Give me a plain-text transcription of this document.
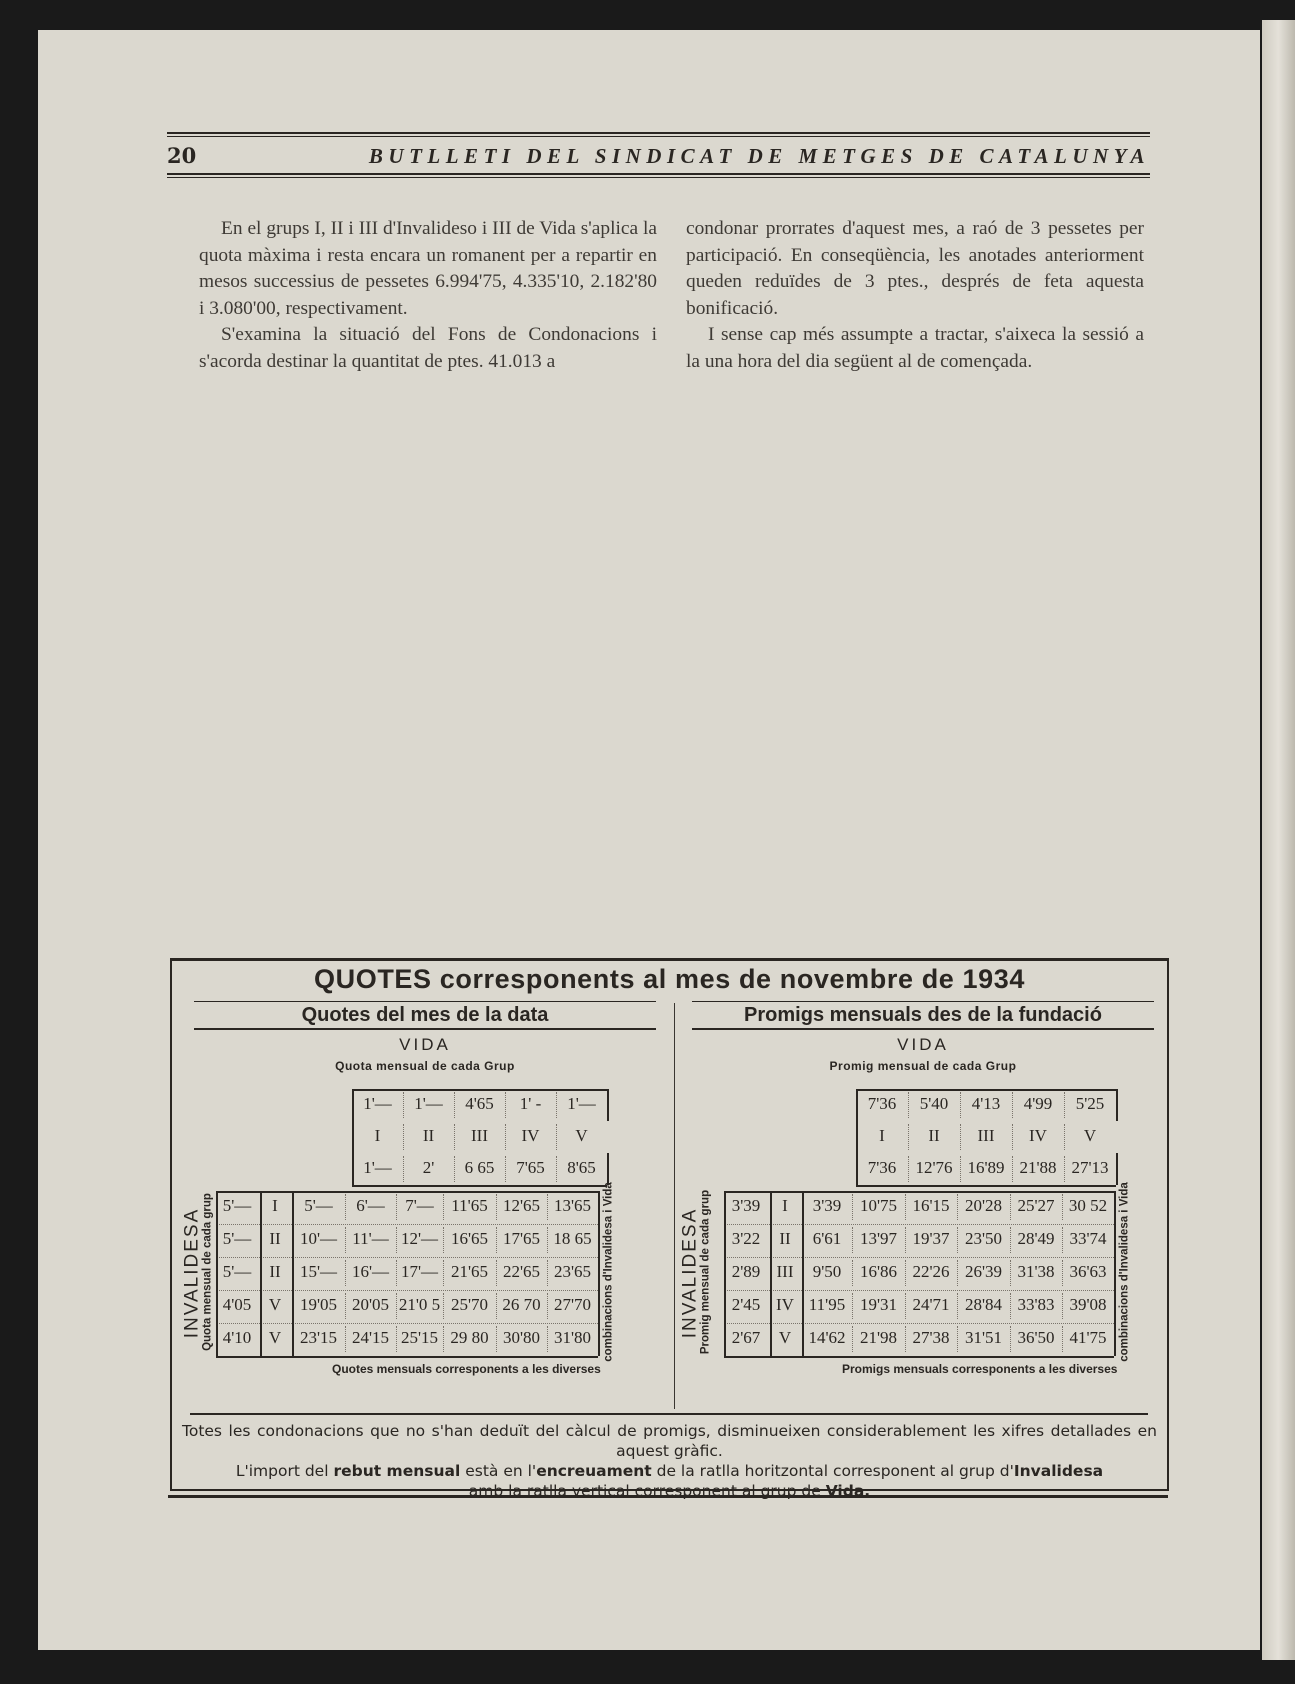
20	BUTLLETI DEL SINDICAT DE METGES DE CATALUNYA

En el grups I, II i III d'Invalideso i III de Vida s'aplica la quota màxima i resta encara un romanent per a repartir en mesos successius de pessetes 6.994'75, 4.335'10, 2.182'80 i 3.080'00, respectivament.

S'examina la situació del Fons de Condonacions i s'acorda destinar la quantitat de ptes. 41.013 a

condonar prorrates d'aquest mes, a raó de 3 pessetes per participació. En conseqüència, les anotades anteriorment queden reduïdes de 3 ptes., després de feta aquesta bonificació.

I sense cap més assumpte a tractar, s'aixeca la sessió a la una hora del dia següent al de començada.

QUOTES corresponents al mes de novembre de 1934
Quotes del mes de la data
VIDA
Quota mensual de cada Grup
1'—	1'—	4'65	1' -	1'—
I	II	III	IV	V
1'—	2'	6 65	7'65	8'65
5'—	I	5'—	6'—	7'—	11'65 12'65 13'65
5'—	II	10'— 11'— 12'— 16'65 17'65 18 65
5'—	II	15'— 16'— 17'— 21'65 22'65 23'65
4'05	V	19'05 20'05 21'0 5 25'70 26 70 27'70
4'10	V	23'15 24'15 25'15 29 80 30'80 31'80
INVALIDESA Quota mensual de cada grup	combinacions d'Invalidesa i Vida
Quotes mensuals corresponents a les diverses
Promigs mensuals des de la fundació
VIDA
Promig mensual de cada Grup
7'36	5'40	4'13	4'99	5'25
I	II	III	IV	V
7'36	12'76 16'89 21'88 27'13
3'39	I	3'39	10'75 16'15 20'28 25'27 30 52
3'22	II	6'61	13'97 19'37 23'50 28'49 33'74
2'89 III	9'50	16'86 22'26 26'39 31'38 36'63
2'45 IV 11'95 19'31 24'71 28'84 33'83 39'08
2'67	V	14'62 21'98 27'38 31'51 36'50 41'75
INVALIDESA Promig mensual de cada grup	combinacions d'Invalidesa i Vida
Promigs mensuals corresponents a les diverses

Totes les condonacions que no s'han deduït del càlcul de promigs, disminueixen considerablement les xifres detallades en aquest gràfic.

L'import del rebut mensual està en l'encreuament de la ratlla horitzontal corresponent al grup d'Invalidesa

amb la ratlla vertical corresponent al grup de Vida.
